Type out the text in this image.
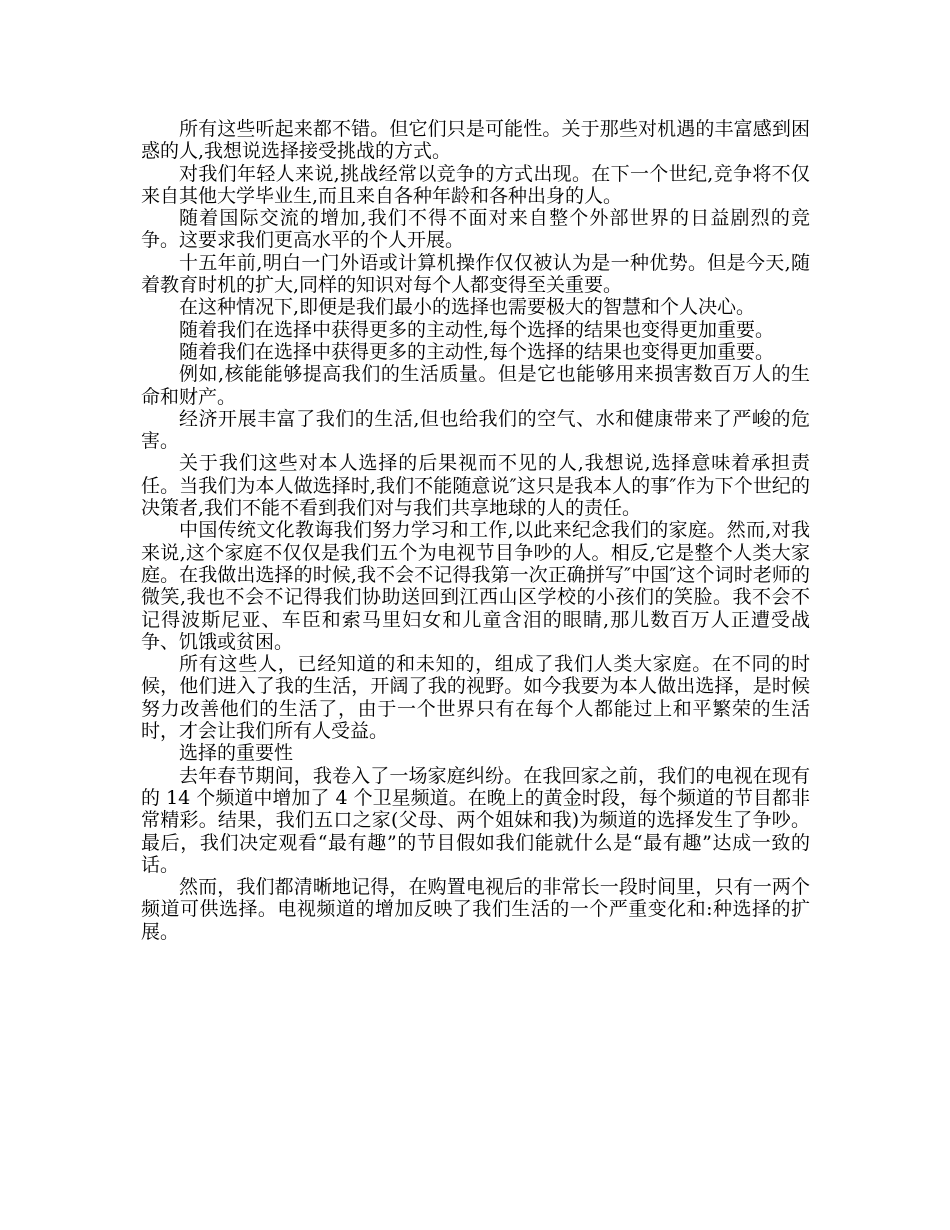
所有这些听起来都不错。但它们只是可能性。关于那些对机遇的丰富感到困惑的人,我想说选择接受挑战的方式。

对我们年轻人来说,挑战经常以竞争的方式出现。在下一个世纪,竞争将不仅来自其他大学毕业生,而且来自各种年龄和各种出身的人。

随着国际交流的增加,我们不得不面对来自整个外部世界的日益剧烈的竞争。这要求我们更高水平的个人开展。

十五年前,明白一门外语或计算机操作仅仅被认为是一种优势。但是今天,随着教育时机的扩大,同样的知识对每个人都变得至关重要。

在这种情况下,即便是我们最小的选择也需要极大的智慧和个人决心。

随着我们在选择中获得更多的主动性,每个选择的结果也变得更加重要。

随着我们在选择中获得更多的主动性,每个选择的结果也变得更加重要。

例如,核能能够提高我们的生活质量。但是它也能够用来损害数百万人的生命和财产。

经济开展丰富了我们的生活,但也给我们的空气、水和健康带来了严峻的危害。

关于我们这些对本人选择的后果视而不见的人,我想说,选择意味着承担责任。当我们为本人做选择时,我们不能随意说″这只是我本人的事″作为下个世纪的决策者,我们不能不看到我们对与我们共享地球的人的责任。

中国传统文化教诲我们努力学习和工作,以此来纪念我们的家庭。然而,对我来说,这个家庭不仅仅是我们五个为电视节目争吵的人。相反,它是整个人类大家庭。在我做出选择的时候,我不会不记得我第一次正确拼写″中国″这个词时老师的微笑,我也不会不记得我们协助送回到江西山区学校的小孩们的笑脸。我不会不记得波斯尼亚、车臣和索马里妇女和儿童含泪的眼睛,那儿数百万人正遭受战争、饥饿或贫困。

所有这些人，已经知道的和未知的，组成了我们人类大家庭。在不同的时候，他们进入了我的生活，开阔了我的视野。如今我要为本人做出选择，是时候努力改善他们的生活了，由于一个世界只有在每个人都能过上和平繁荣的生活时，才会让我们所有人受益。

选择的重要性

去年春节期间，我卷入了一场家庭纠纷。在我回家之前，我们的电视在现有的 14 个频道中增加了 4 个卫星频道。在晚上的黄金时段，每个频道的节目都非常精彩。结果，我们五口之家(父母、两个姐妹和我)为频道的选择发生了争吵。最后，我们决定观看“最有趣”的节目假如我们能就什么是“最有趣”达成一致的话。

然而，我们都清晰地记得，在购置电视后的非常长一段时间里，只有一两个频道可供选择。电视频道的增加反映了我们生活的一个严重变化和:种选择的扩展。
